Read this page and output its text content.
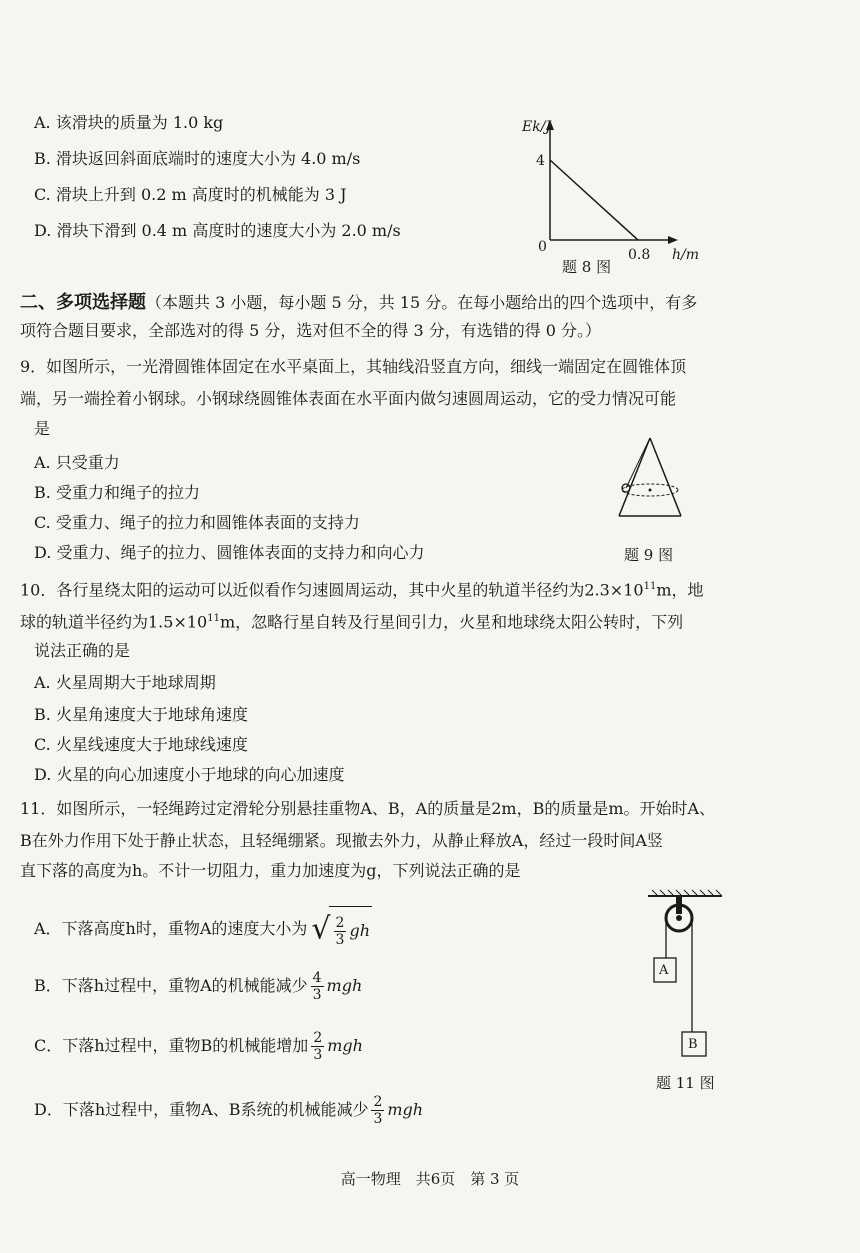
A. 该滑块的质量为 1.0 kg
B. 滑块返回斜面底端时的速度大小为 4.0 m/s
C. 滑块上升到 0.2 m 高度时的机械能为 3 J
D. 滑块下滑到 0.4 m 高度时的速度大小为 2.0 m/s
Ek/J
4
0	0.8 h/m
题 8 图
二、多项选择题（本题共 3 小题，每小题 5 分，共 15 分。在每小题给出的四个选项中，有多
项符合题目要求，全部选对的得 5 分，选对但不全的得 3 分，有选错的得 0 分。）
9．如图所示，一光滑圆锥体固定在水平桌面上，其轴线沿竖直方向，细线一端固定在圆锥体顶
端，另一端拴着小钢球。小钢球绕圆锥体表面在水平面内做匀速圆周运动，它的受力情况可能
是
A. 只受重力
B. 受重力和绳子的拉力
C. 受重力、绳子的拉力和圆锥体表面的支持力
D. 受重力、绳子的拉力、圆锥体表面的支持力和向心力	题 9 图
10．各行星绕太阳的运动可以近似看作匀速圆周运动，其中火星的轨道半径约为$2.3\times 10^{11}m$，地
球的轨道半径约为$1.5\times 10^{11}m$，忽略行星自转及行星间引力，火星和地球绕太阳公转时，下列
说法正确的是
A. 火星周期大于地球周期
B. 火星角速度大于地球角速度
C. 火星线速度大于地球线速度
D. 火星的向心加速度小于地球的向心加速度
11．如图所示，一轻绳跨过定滑轮分别悬挂重物A、B，A的质量是2m，B的质量是m。开始时A、
B在外力作用下处于静止状态，且轻绳绷紧。现撤去外力，从静止释放A，经过一段时间A竖
直下落的高度为h。不计一切阻力，重力加速度为g，下列说法正确的是
A．下落高度h时，重物A的速度大小为 √ $\frac{2}{3}$ gh
B．下落h过程中，重物A的机械能减少 $\frac{4}{3}$ mgh
C．下落h过程中，重物B的机械能增加 $\frac{2}{3}$ mgh
D．下落h过程中，重物A、B系统的机械能减少 $\frac{2}{3}$ mgh
A
B
题 11 图
高一物理　共6页　第 3 页
